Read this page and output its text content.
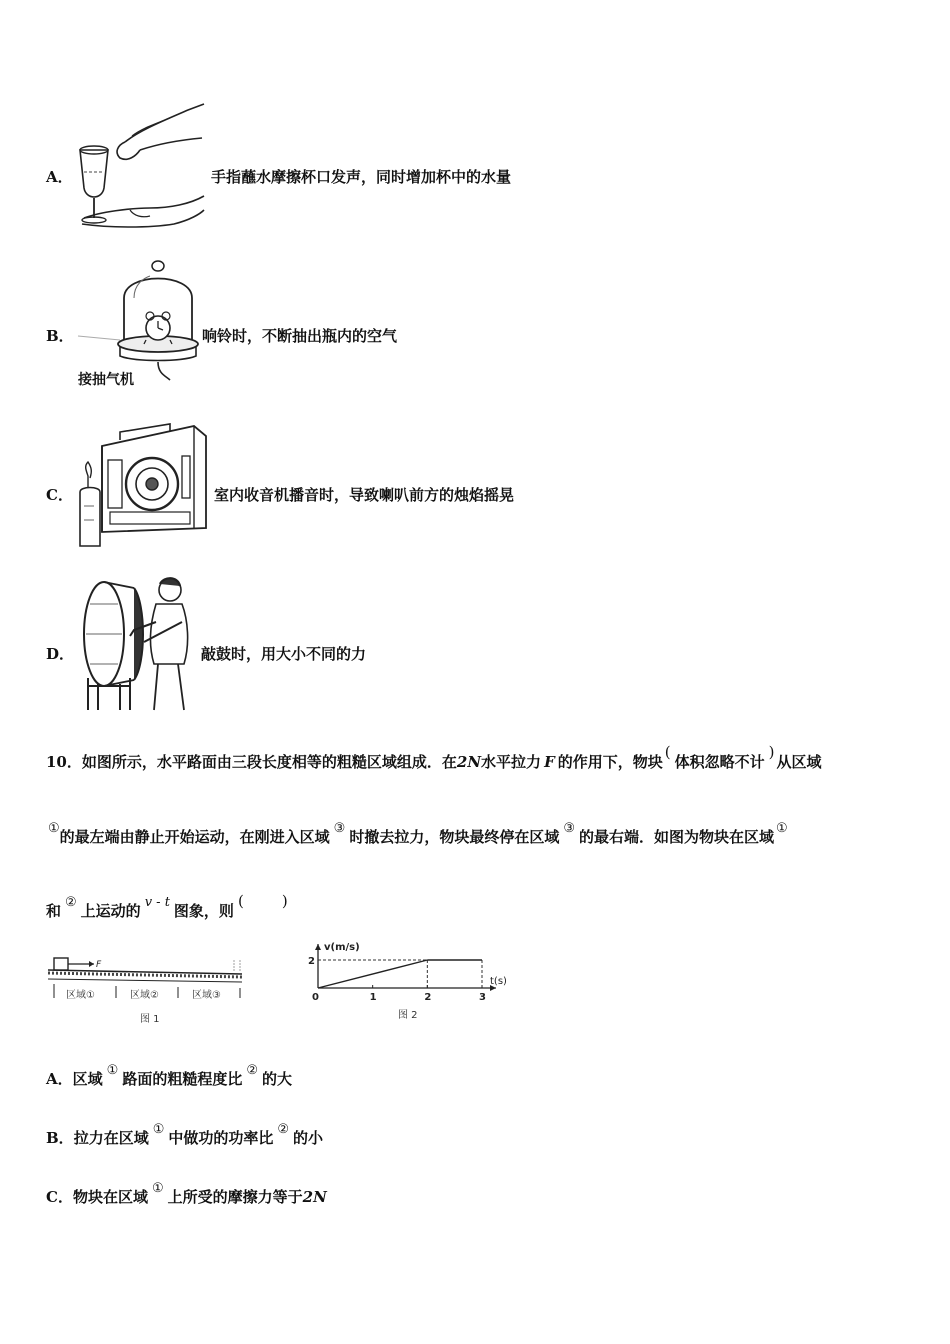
A．	手指蘸水摩擦杯口发声，同时增加杯中的水量
B．
接抽气机
响铃时，不断抽出瓶内的空气
C．	室内收音机播音时，导致喇叭前方的烛焰摇晃
D．	敲鼓时，用大小不同的力
10．如图所示，水平路面由三段长度相等的粗糙区域组成．在2N水平拉力 F 的作用下，物块(体积忽略不计)从区域
①的最左端由静止开始运动，在刚进入区域 ③ 时撤去拉力，物块最终停在区域 ③ 的最右端．如图为物块在区域 ①
和 ② 上运动的 v - t 图象，则(        )
F
区域①	区域②	区域③
图 1
1	2	3
2
v(m/s)
t(s)
0
图 2
A．区域 ① 路面的粗糙程度比 ② 的大
B．拉力在区域 ① 中做功的功率比 ② 的小
C．物块在区域 ① 上所受的摩擦力等于2N
